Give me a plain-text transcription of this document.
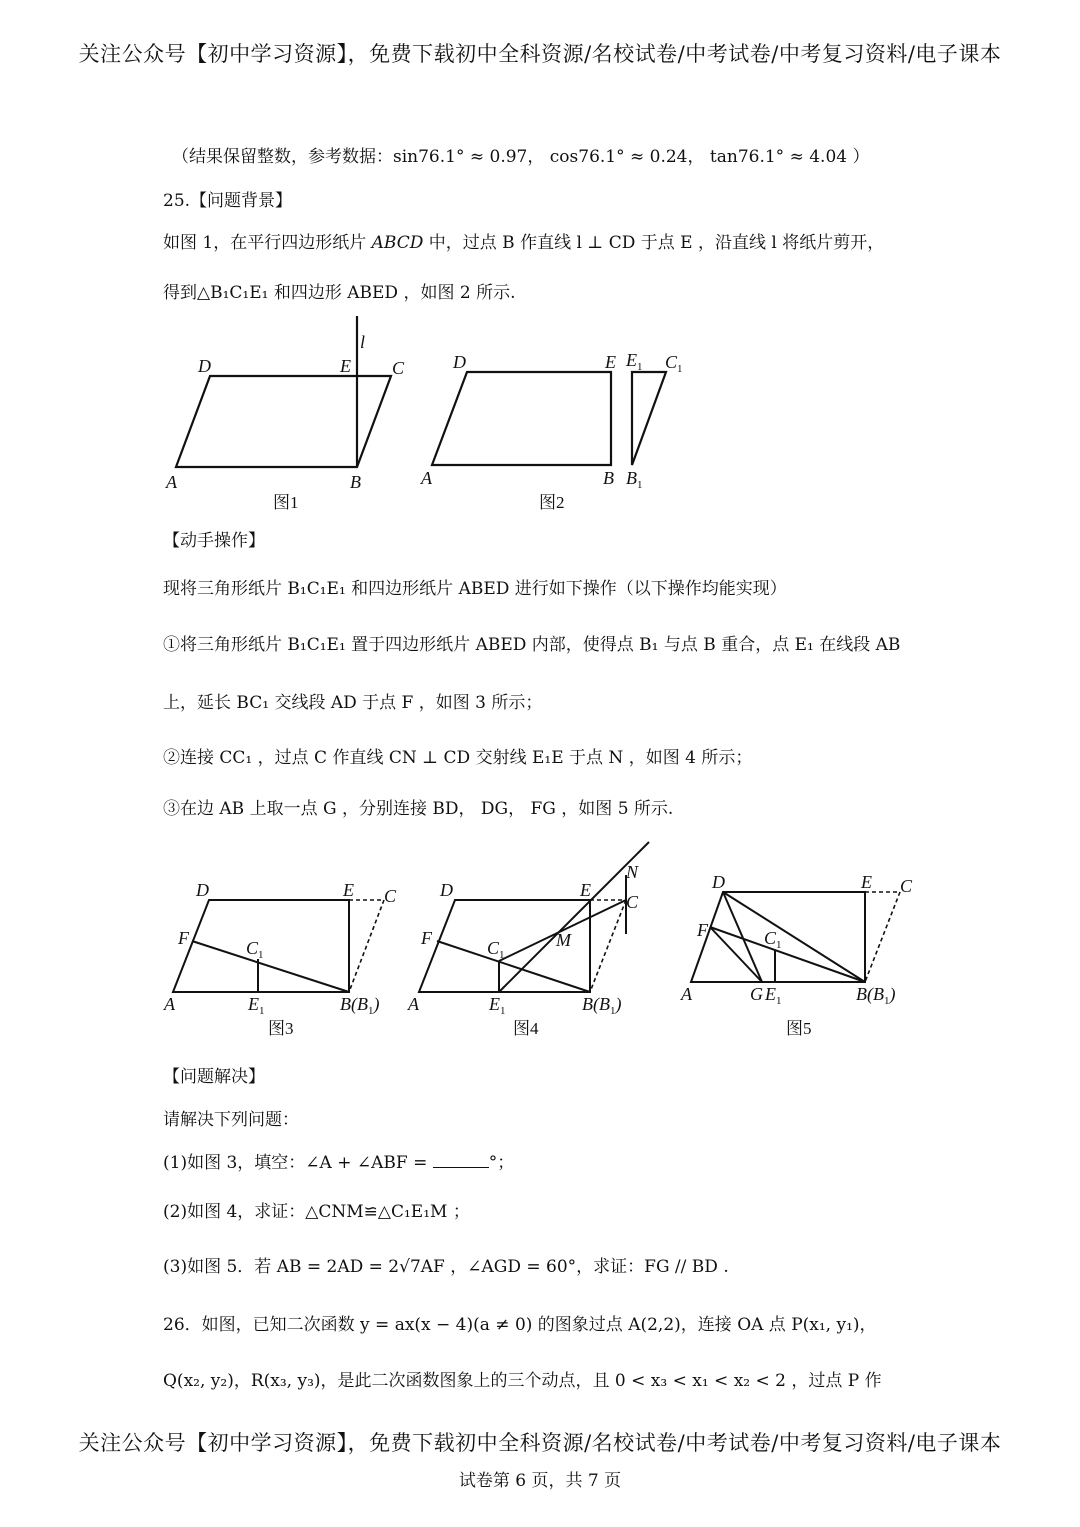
关注公众号【初中学习资源】，免费下载初中全科资源/名校试卷/中考试卷/中考复习资料/电子课本
（结果保留整数，参考数据：sin76.1° ≈ 0.97， cos76.1° ≈ 0.24， tan76.1° ≈ 4.04 ）
25.【问题背景】
如图 1，在平行四边形纸片 ABCD 中，过点 B 作直线 l ⊥ CD 于点 E ，沿直线 l 将纸片剪开，
得到△B₁C₁E₁ 和四边形 ABED ，如图 2 所示.
l
D	E C
A	B
图1
D	E $E_1$ $C_1$
A	B $B_1$
图2
【动手操作】
现将三角形纸片 B₁C₁E₁ 和四边形纸片 ABED 进行如下操作（以下操作均能实现）
①将三角形纸片 B₁C₁E₁ 置于四边形纸片 ABED 内部，使得点 B₁ 与点 B 重合，点 E₁ 在线段 AB
上，延长 BC₁ 交线段 AD 于点 F ，如图 3 所示；
②连接 CC₁ ，过点 C 作直线 CN ⊥ CD 交射线 E₁E 于点 N ，如图 4 所示；
③在边 AB 上取一点 G ，分别连接 BD， DG， FG ，如图 5 所示.
D	E C
F	$C_1$
A	$E_1$	$B(B_1)$
图3
D	E
C
N
F	$C_1$
M
A	$E_1$	$B(B_1)$
图4
D	E C
F	$C_1$
A	G $E_1$	$B(B_1)$
图5
【问题解决】
请解决下列问题：
(1)如图 3，填空：∠A + ∠ABF =	°；
(2)如图 4，求证：△CNM≌△C₁E₁M ；
(3)如图 5．若 AB = 2AD = 2√7AF ，∠AGD = 60°，求证：FG // BD .
26．如图，已知二次函数 y = ax(x − 4)(a ≠ 0) 的图象过点 A(2,2)，连接 OA 点 P(x₁, y₁)，
Q(x₂, y₂)，R(x₃, y₃)，是此二次函数图象上的三个动点，且 0 < x₃ < x₁ < x₂ < 2 ，过点 P 作
关注公众号【初中学习资源】，免费下载初中全科资源/名校试卷/中考试卷/中考复习资料/电子课本
试卷第 6 页，共 7 页
